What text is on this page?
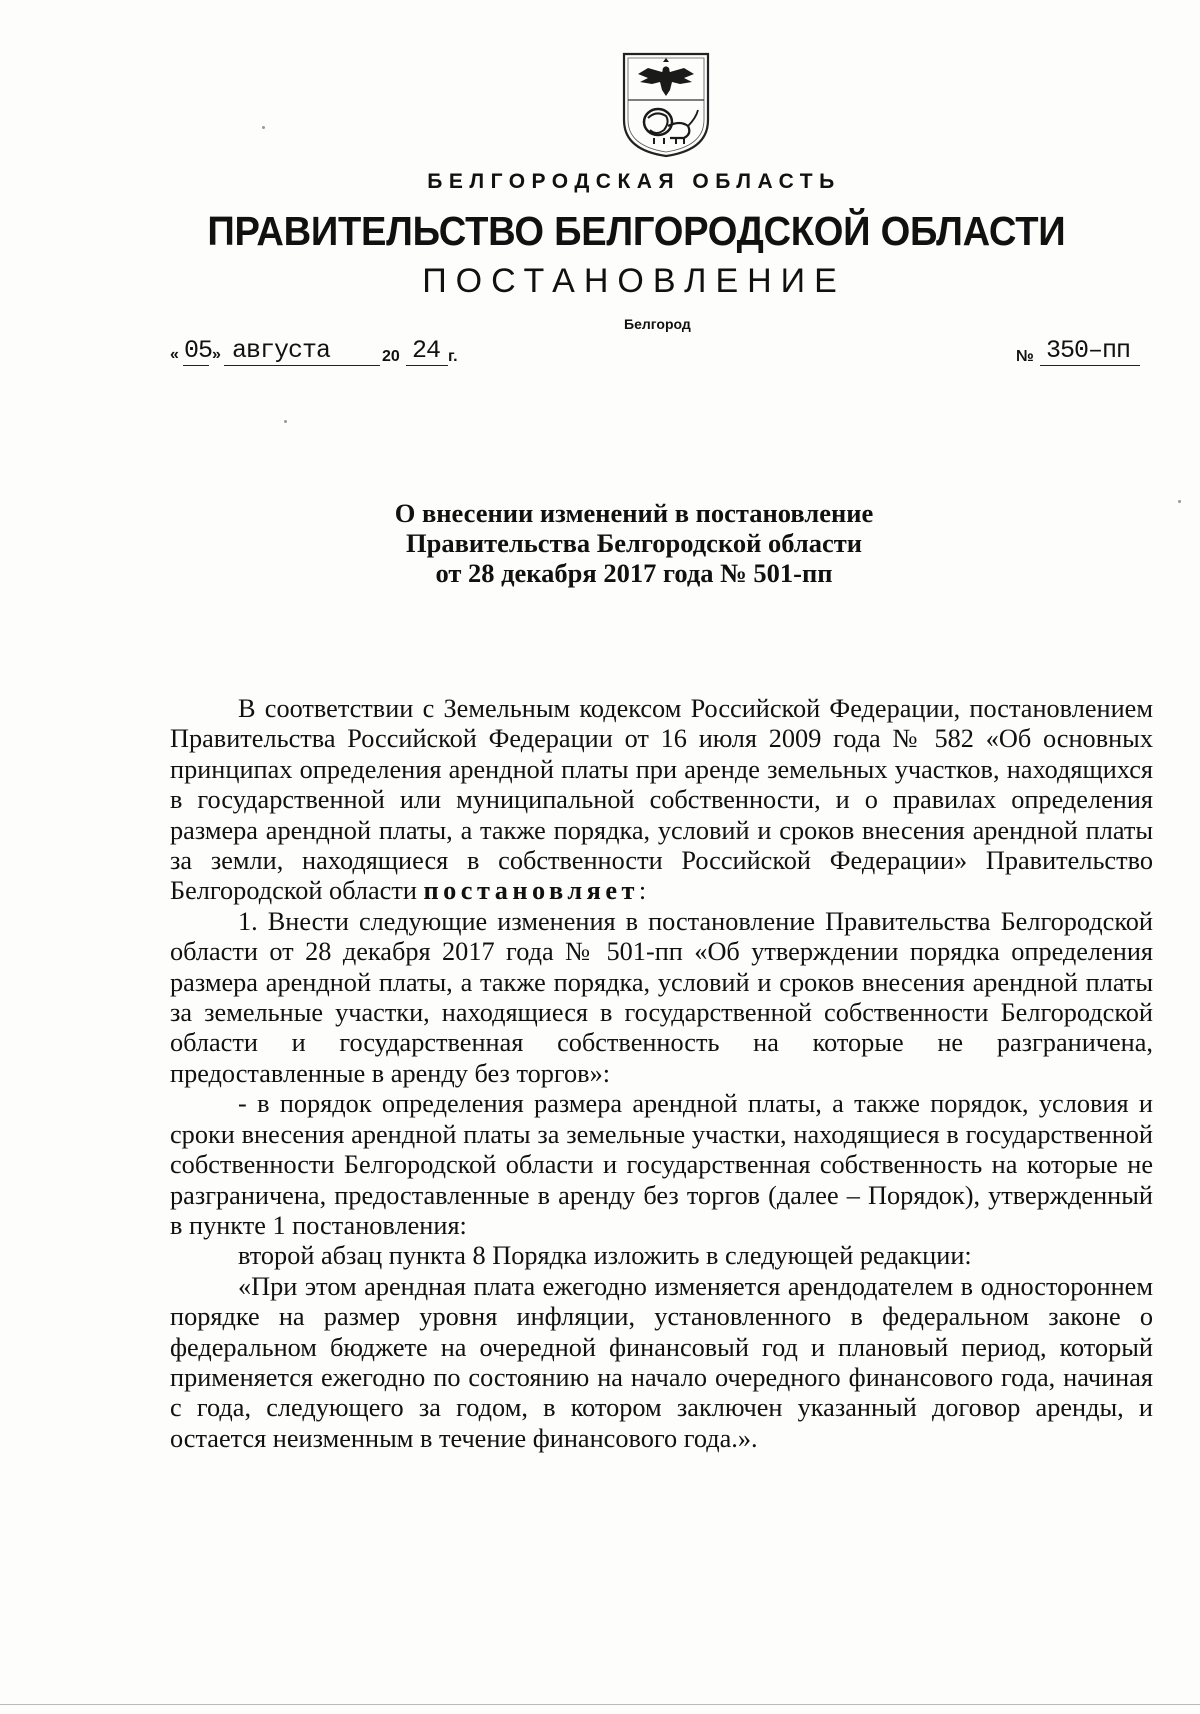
БЕЛГОРОДСКАЯ ОБЛАСТЬ
ПРАВИТЕЛЬСТВО БЕЛГОРОДСКОЙ ОБЛАСТИ
ПОСТАНОВЛЕНИЕ
Белгород
« 05 » августа	20 24 г.	№ 350–пп
О внесении изменений в постановление
Правительства Белгородской области
от 28 декабря 2017 года № 501-пп
В соответствии с Земельным кодексом Российской Федерации, постановлением Правительства Российской Федерации от 16 июля 2009 года № 582 «Об основных принципах определения арендной платы при аренде земельных участков, находящихся в государственной или муниципальной собственности, и о правилах определения размера арендной платы, а также порядка, условий и сроков внесения арендной платы за земли, находящиеся в собственности Российской Федерации» Правительство Белгородской области постановляет:
1. Внести следующие изменения в постановление Правительства Белгородской области от 28 декабря 2017 года № 501-пп «Об утверждении порядка определения размера арендной платы, а также порядка, условий и сроков внесения арендной платы за земельные участки, находящиеся в государственной собственности Белгородской области и государственная собственность на которые не разграничена, предоставленные в аренду без торгов»:
- в порядок определения размера арендной платы, а также порядок, условия и сроки внесения арендной платы за земельные участки, находящиеся в государственной собственности Белгородской области и государственная собственность на которые не разграничена, предоставленные в аренду без торгов (далее – Порядок), утвержденный в пункте 1 постановления:
второй абзац пункта 8 Порядка изложить в следующей редакции:
«При этом арендная плата ежегодно изменяется арендодателем в одностороннем порядке на размер уровня инфляции, установленного в федеральном законе о федеральном бюджете на очередной финансовый год и плановый период, который применяется ежегодно по состоянию на начало очередного финансового года, начиная с года, следующего за годом, в котором заключен указанный договор аренды, и остается неизменным в течение финансового года.».
